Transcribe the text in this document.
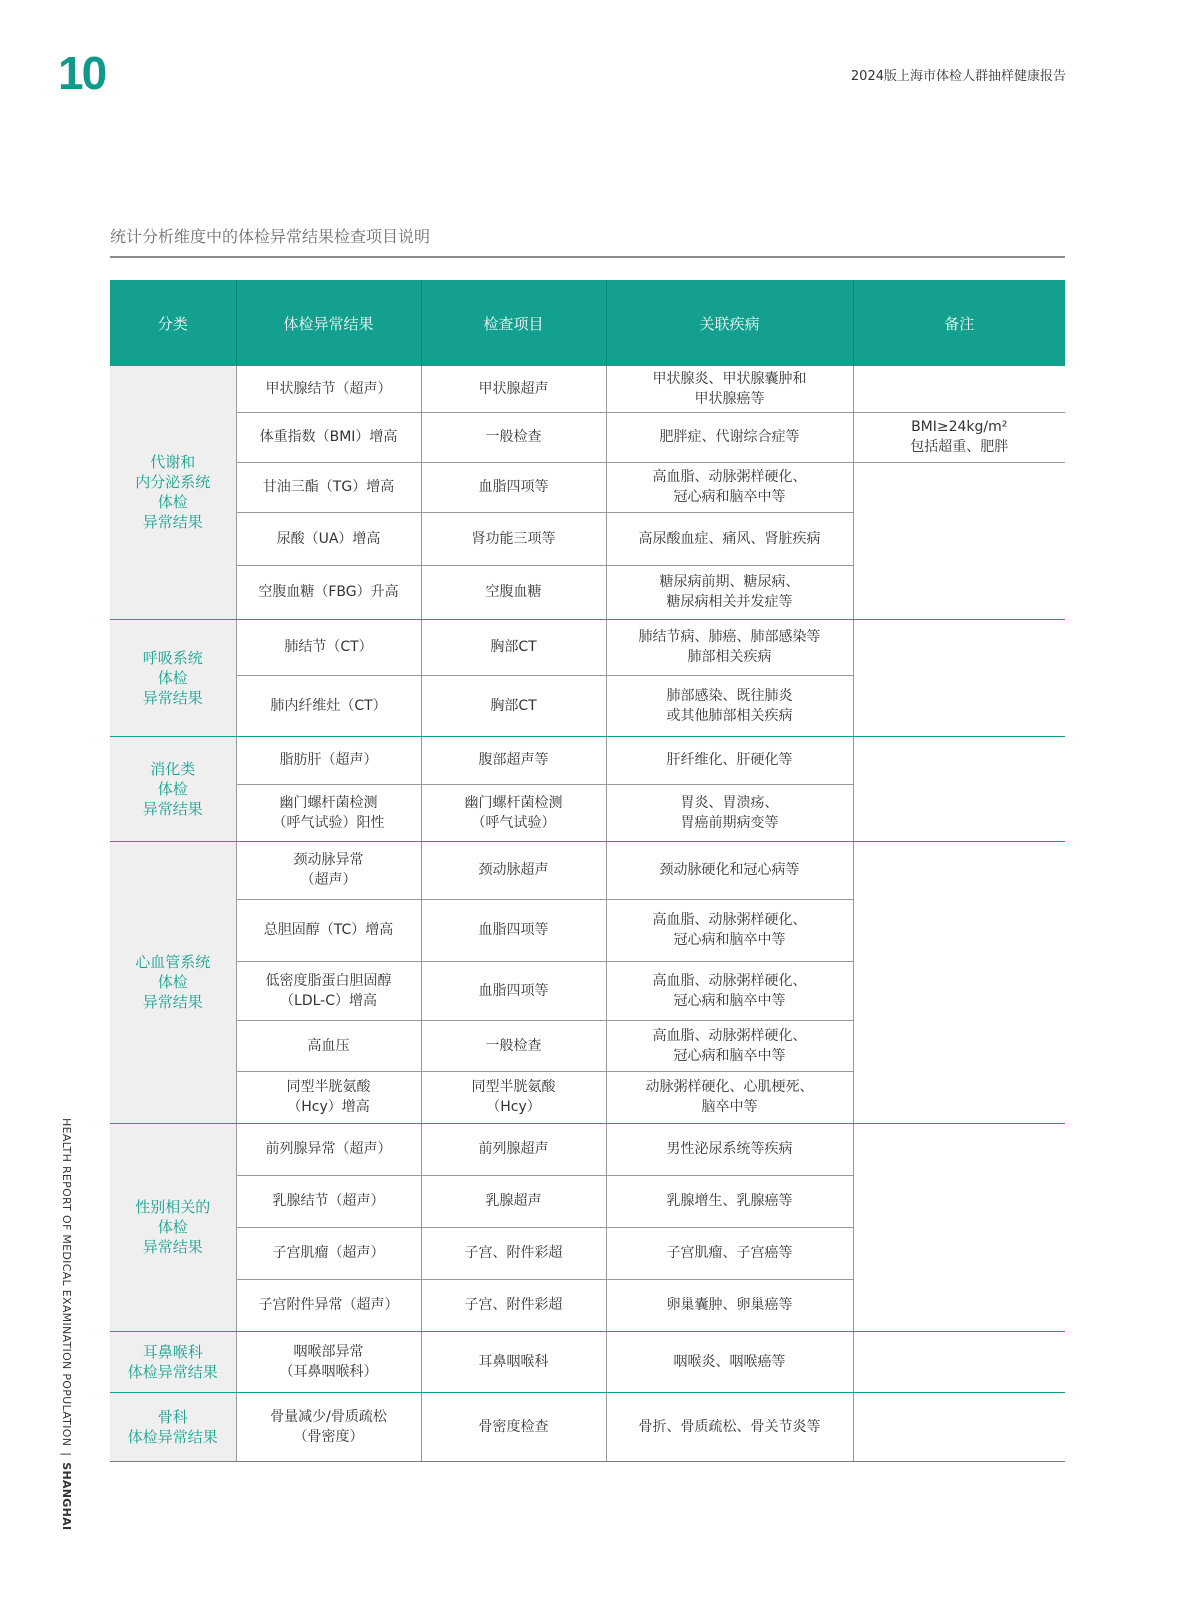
10	2024版上海市体检人群抽样健康报告
统计分析维度中的体检异常结果检查项目说明
分类	体检异常结果	检查项目	关联疾病	备注

代谢和
内分泌系统
体检
异常结果	甲状腺结节（超声）	甲状腺超声	甲状腺炎、甲状腺囊肿和
甲状腺癌等	

	体重指数（BMI）增高	一般检查	肥胖症、代谢综合症等	BMI≥24kg/m²
包括超重、肥胖

	甘油三酯（TG）增高	血脂四项等	高血脂、动脉粥样硬化、
冠心病和脑卒中等	

	尿酸（UA）增高	肾功能三项等	高尿酸血症、痛风、肾脏疾病	

	空腹血糖（FBG）升高	空腹血糖	糖尿病前期、糖尿病、
糖尿病相关并发症等	

呼吸系统
体检
异常结果	肺结节（CT）	胸部CT	肺结节病、肺癌、肺部感染等
肺部相关疾病	

	肺内纤维灶（CT）	胸部CT	肺部感染、既往肺炎
或其他肺部相关疾病	

消化类
体检
异常结果	脂肪肝（超声）	腹部超声等	肝纤维化、肝硬化等	

	幽门螺杆菌检测
（呼气试验）阳性	幽门螺杆菌检测
（呼气试验）	胃炎、胃溃疡、
胃癌前期病变等	

心血管系统
体检
异常结果	颈动脉异常
（超声）	颈动脉超声	颈动脉硬化和冠心病等	

	总胆固醇（TC）增高	血脂四项等	高血脂、动脉粥样硬化、
冠心病和脑卒中等	

	低密度脂蛋白胆固醇
（LDL-C）增高	血脂四项等	高血脂、动脉粥样硬化、
冠心病和脑卒中等	

	高血压	一般检查	高血脂、动脉粥样硬化、
冠心病和脑卒中等	

	同型半胱氨酸
（Hcy）增高	同型半胱氨酸
（Hcy）	动脉粥样硬化、心肌梗死、
脑卒中等	

性别相关的
体检
异常结果	前列腺异常（超声）	前列腺超声	男性泌尿系统等疾病	

	乳腺结节（超声）	乳腺超声	乳腺增生、乳腺癌等	

	子宫肌瘤（超声）	子宫、附件彩超	子宫肌瘤、子宫癌等	

	子宫附件异常（超声）	子宫、附件彩超	卵巢囊肿、卵巢癌等	

耳鼻喉科
体检异常结果	咽喉部异常
（耳鼻咽喉科）	耳鼻咽喉科	咽喉炎、咽喉癌等	

骨科
体检异常结果	骨量减少/骨质疏松
（骨密度）	骨密度检查	骨折、骨质疏松、骨关节炎等	

HEALTH REPORT OF MEDICAL EXAMINATION POPULATION|SHANGHAI
